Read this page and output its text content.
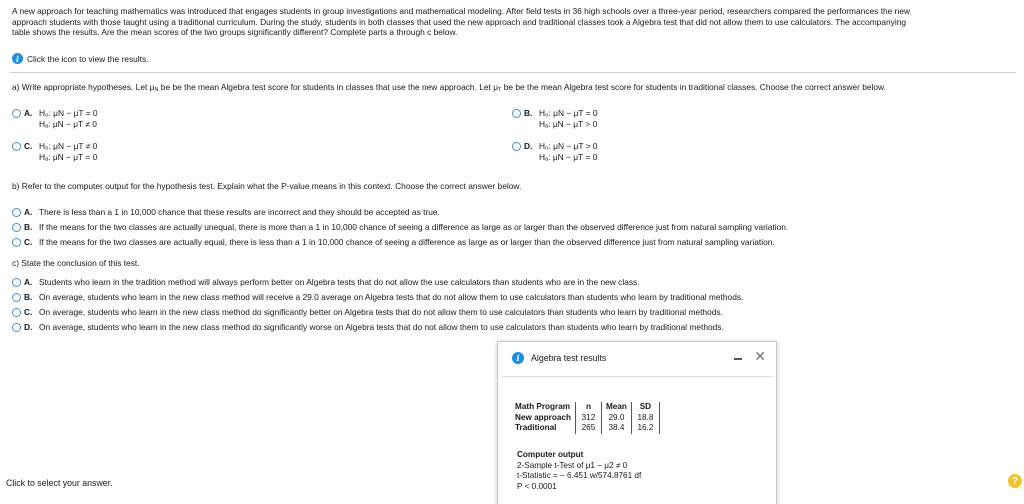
A new approach for teaching mathematics was introduced that engages students in group investigations and mathematical modeling. After field tests in 36 high schools over a three-year period, researchers compared the performances the new
approach students with those taught using a traditional curriculum. During the study, students in both classes that used the new approach and traditional classes took a Algebra test that did not allow them to use calculators. The accompanying
table shows the results. Are the mean scores of the two groups significantly different? Complete parts a through c below.
i Click the icon to view the results.
a) Write appropriate hypotheses. Let μN be be the mean Algebra test score for students in classes that use the new approach. Let μT be be the mean Algebra test score for students in traditional classes. Choose the correct answer below.
A. H₀: μN − μT = 0
Hₐ: μN − μT ≠ 0
B. H₀: μN − μT = 0
Hₐ: μN − μT > 0
C. H₀: μN − μT ≠ 0
Hₐ: μN − μT = 0
D. H₀: μN − μT > 0
Hₐ: μN − μT = 0
b) Refer to the computer output for the hypothesis test. Explain what the P-value means in this context. Choose the correct answer below.
A. There is less than a 1 in 10,000 chance that these results are incorrect and they should be accepted as true.
B. If the means for the two classes are actually unequal, there is more than a 1 in 10,000 chance of seeing a difference as large as or larger than the observed difference just from natural sampling variation.
C. If the means for the two classes are actually equal, there is less than a 1 in 10,000 chance of seeing a difference as large as or larger than the observed difference just from natural sampling variation.
c) State the conclusion of this test.
A. Students who learn in the tradition method will always perform better on Algebra tests that do not allow the use calculators than students who are in the new class.
B. On average, students who learn in the new class method will receive a 29.0 average on Algebra tests that do not allow them to use calculators than students who learn by traditional methods.
C. On average, students who learn in the new class method do significantly better on Algebra tests that do not allow them to use calculators than students who learn by traditional methods.
D. On average, students who learn in the new class method do significantly worse on Algebra tests that do not allow them to use calculators than students who learn by traditional methods.
i	Algebra test results	✕
Math Program	n	Mean	SD
New approach	312	29.0	18.8
Traditional	265	38.4	16.2
Computer output
2-Sample t-Test of μ1 − μ2 ≠ 0
t-Statistic = − 6.451 w/574.8761 df
P < 0.0001
Click to select your answer.	?
